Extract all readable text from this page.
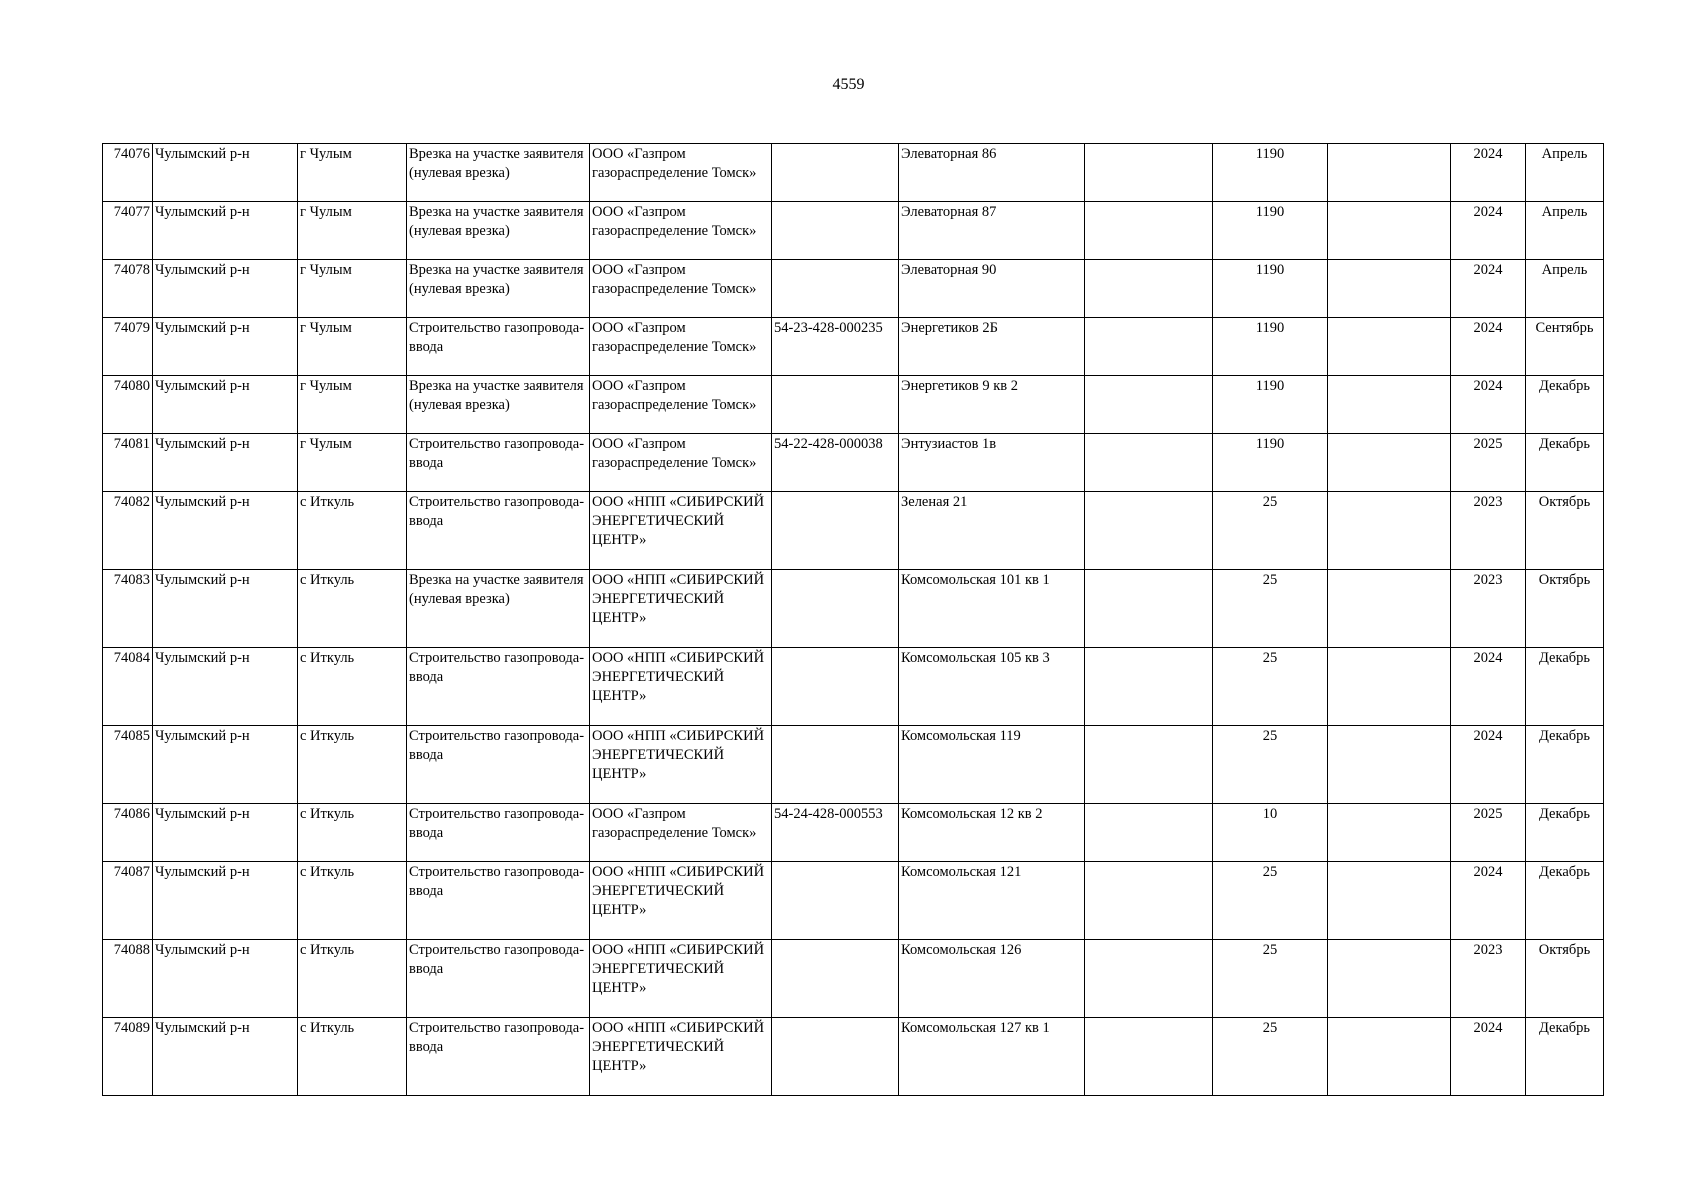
4559
74076	Чулымский р-н	г Чулым	Врезка на участке заявителя (нулевая врезка)	ООО «Газпром газораспределение Томск»		Элеваторная 86		1190		2024	Апрель
74077	Чулымский р-н	г Чулым	Врезка на участке заявителя (нулевая врезка)	ООО «Газпром газораспределение Томск»		Элеваторная 87		1190		2024	Апрель
74078	Чулымский р-н	г Чулым	Врезка на участке заявителя (нулевая врезка)	ООО «Газпром газораспределение Томск»		Элеваторная 90		1190		2024	Апрель
74079	Чулымский р-н	г Чулым	Строительство газопровода-ввода	ООО «Газпром газораспределение Томск»	54-23-428-000235	Энергетиков 2Б		1190		2024	Сентябрь
74080	Чулымский р-н	г Чулым	Врезка на участке заявителя (нулевая врезка)	ООО «Газпром газораспределение Томск»		Энергетиков 9 кв 2		1190		2024	Декабрь
74081	Чулымский р-н	г Чулым	Строительство газопровода-ввода	ООО «Газпром газораспределение Томск»	54-22-428-000038	Энтузиастов 1в		1190		2025	Декабрь
74082	Чулымский р-н	с Иткуль	Строительство газопровода-ввода	ООО «НПП «СИБИРСКИЙ ЭНЕРГЕТИЧЕСКИЙ ЦЕНТР»		Зеленая 21		25		2023	Октябрь
74083	Чулымский р-н	с Иткуль	Врезка на участке заявителя (нулевая врезка)	ООО «НПП «СИБИРСКИЙ ЭНЕРГЕТИЧЕСКИЙ ЦЕНТР»		Комсомольская 101 кв 1		25		2023	Октябрь
74084	Чулымский р-н	с Иткуль	Строительство газопровода-ввода	ООО «НПП «СИБИРСКИЙ ЭНЕРГЕТИЧЕСКИЙ ЦЕНТР»		Комсомольская 105 кв 3		25		2024	Декабрь
74085	Чулымский р-н	с Иткуль	Строительство газопровода-ввода	ООО «НПП «СИБИРСКИЙ ЭНЕРГЕТИЧЕСКИЙ ЦЕНТР»		Комсомольская 119		25		2024	Декабрь
74086	Чулымский р-н	с Иткуль	Строительство газопровода-ввода	ООО «Газпром газораспределение Томск»	54-24-428-000553	Комсомольская 12 кв 2		10		2025	Декабрь
74087	Чулымский р-н	с Иткуль	Строительство газопровода-ввода	ООО «НПП «СИБИРСКИЙ ЭНЕРГЕТИЧЕСКИЙ ЦЕНТР»		Комсомольская 121		25		2024	Декабрь
74088	Чулымский р-н	с Иткуль	Строительство газопровода-ввода	ООО «НПП «СИБИРСКИЙ ЭНЕРГЕТИЧЕСКИЙ ЦЕНТР»		Комсомольская 126		25		2023	Октябрь
74089	Чулымский р-н	с Иткуль	Строительство газопровода-ввода	ООО «НПП «СИБИРСКИЙ ЭНЕРГЕТИЧЕСКИЙ ЦЕНТР»		Комсомольская 127 кв 1		25		2024	Декабрь
